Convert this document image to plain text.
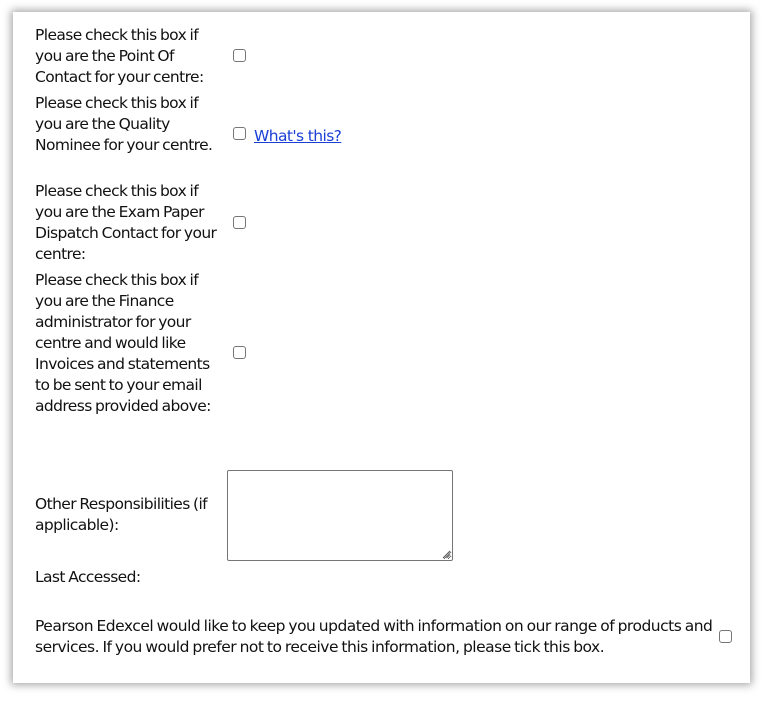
Please check this box if you are the Point Of Contact for your centre:
Please check this box if you are the Quality Nominee for your centre.	What's this?
Please check this box if you are the Exam Paper Dispatch Contact for your centre:
Please check this box if you are the Finance administrator for your centre and would like Invoices and statements to be sent to your email address provided above:
Other Responsibilities (if applicable):
Last Accessed:
Pearson Edexcel would like to keep you updated with information on our range of products and services. If you would prefer not to receive this information, please tick this box.
